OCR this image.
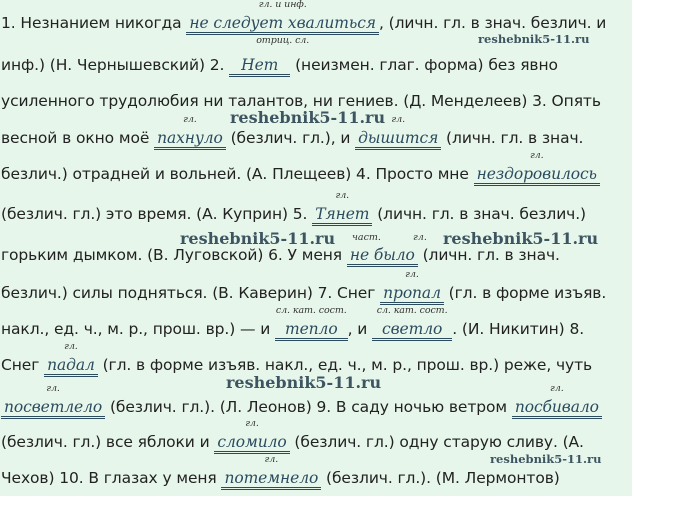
1. Незнанием никогда
гл. и инф.
не следует хвалиться
отриц. сл.
, (личн. гл. в знач. безлич. и
инф.) (Н. Чернышевский) 2. Нет (неизмен. глаг. форма) без явно
усиленного трудолюбия ни талантов, ни гениев. (Д. Менделеев) 3. Опять
весной в окно моё
гл.
пахнуло (безлич. гл.), и
гл.
дышится (личн. гл. в знач.
безлич.) отрадней и вольней. (А. Плещеев) 4. Просто мне
гл.
нездоровилось
(безлич. гл.) это время. (А. Куприн) 5.
гл.
Тянет (личн. гл. в знач. безлич.)
горьким дымком. (В. Луговской) 6. У меня не было (личн. гл. в знач.
безлич.) силы подняться. (В. Каверин) 7. Снег
гл.
пропал (гл. в форме изъяв.
накл., ед. ч., м. р., прош. вр.) — и
сл. кат. сост.
тепло , и
сл. кат. сост.
светло . (И. Никитин) 8.
Снег
гл.
падал (гл. в форме изъяв. накл., ед. ч., м. р., прош. вр.) реже, чуть
гл.
посветлело (безлич. гл.). (Л. Леонов) 9. В саду ночью ветром
гл.
посбивало
(безлич. гл.) все яблоки и
гл.
сломило (безлич. гл.) одну старую сливу. (А.
Чехов) 10. В глазах у меня
гл.
потемнело (безлич. гл.). (М. Лермонтов)
част.	гл.
reshebnik5-11.ru
reshebnik5-11.ru
reshebnik5-11.ru	reshebnik5-11.ru
reshebnik5-11.ru
reshebnik5-11.ru
